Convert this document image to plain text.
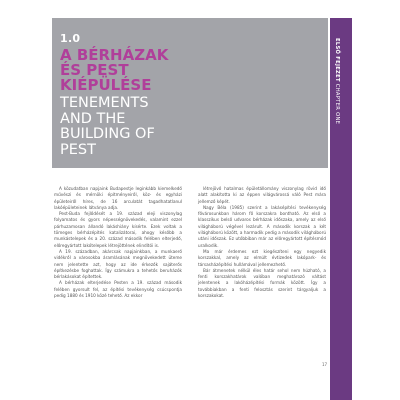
1.0
A BÉRHÁZAK
ÉS PEST
KIÉPÜLÉSE
TENEMENTS
AND THE
BUILDING OF
PEST
ELSŐ FEJEZET CHAPTER ONE

A közudatban napjaink Budapestje leginkább kiemelkedő művészi és mérnöki építményeiről, köz- és egyházi épületeiről híres, de 16 arculatát tagadhatatlanul lakóépületeinek látványa adja.

Pest-Buda fejlődését a 19. század eleji viszonylag folyamatos és gyors népességnövekedés, valamint ezzel párhuzamosan állandó lakáshiány kísérte. Ezek voltak a tömeges bérházépítés katalizátorai, ahogy később a munkástelepek és a 20. század második felében elterjedő, előregyártott lakótelepek létrejöttének elindítói is.

A 19. században, akárcsak napjainkban, a munkaerő vidékről a városokba áramlásának megnövekedett üteme nem jelentette azt, hogy az ide érkezők sajáterős építkezésbe foghattak. Így számukra a tehetős beruházók bérlakásokat építettek.

A bérházak elterjedése Pesten a 19. század második felében gyorsult fel, az építési tevékenység csúcspontja pedig 1880 és 1910 közé tehető. Az ekkor

létrejövő hatalmas épületállomány viszonylag rövid idő alatt alakította ki az éppen világvárossá váló Pest mára jellemző képét.

Nagy Béla (1985) szerint a lakásépítési tevékenység fővárosunkban három fő korszakra bontható. Az első a klasszikus belső udvaros bérházak időszaka, amely az első világháború végével lezárult. A második korszak a két világháború között, a harmadik pedig a második világháború utáni időszak. Ez utóbbiban már az előregyártott építésmód uralkodik.

Ma már érdemes ezt kiegészíteni egy negyedik korszakkal, amely az elmúlt évtizedek lakópark- és társasházépítési hullámával jellemezhető.

Bár átmenetek nélkül éles határ sehol nem húzható, a fenti korszakhatárok valóban meghatározó váltást jelentenek a lakóházépítési formák között. Így a továbbiakban a fenti felosztás szerint tárgyaljuk a korszakokat.

17
